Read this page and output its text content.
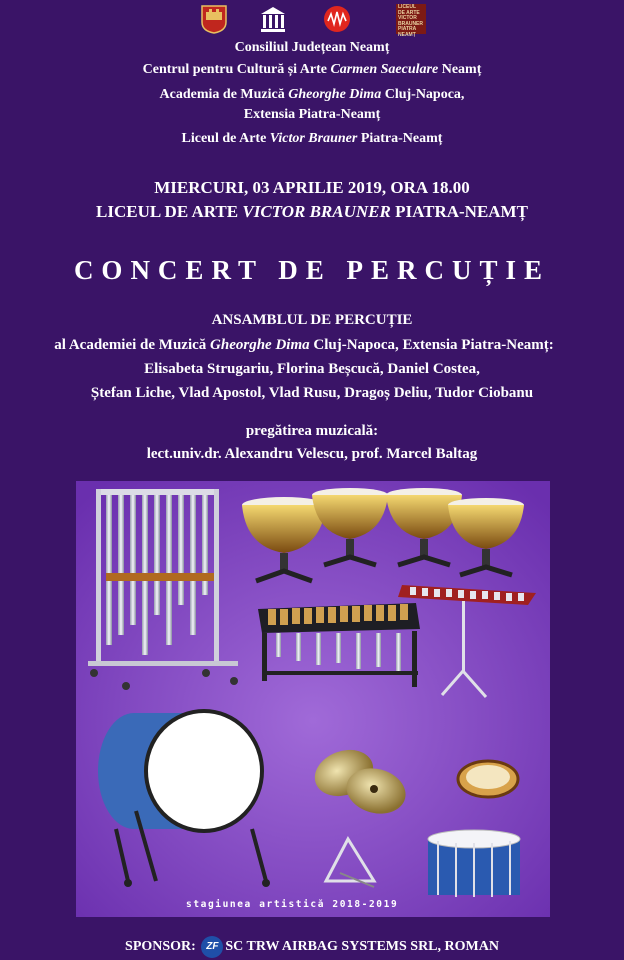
LICEUL
DE ARTE
VICTOR
BRAUNER
PIATRA
NEAMȚ
Consiliul Județean Neamț
Centrul pentru Cultură și Arte Carmen Saeculare Neamț
Academia de Muzică Gheorghe Dima Cluj-Napoca,
Extensia Piatra-Neamț
Liceul de Arte Victor Brauner Piatra-Neamț
MIERCURI, 03 APRILIE 2019, ORA 18.00
LICEUL DE ARTE VICTOR BRAUNER PIATRA-NEAMȚ
CONCERT DE PERCUȚIE
ANSAMBLUL DE PERCUȚIE
al Academiei de Muzică Gheorghe Dima Cluj-Napoca, Extensia Piatra-Neamț:
Elisabeta Strugariu, Florina Beșcucă, Daniel Costea,
Ștefan Liche, Vlad Apostol, Vlad Rusu, Dragoș Deliu, Tudor Ciobanu
pregătirea muzicală:
lect.univ.dr. Alexandru Velescu, prof. Marcel Baltag
stagiunea artistică 2018-2019
SPONSOR: ZF SC TRW AIRBAG SYSTEMS SRL, ROMAN
